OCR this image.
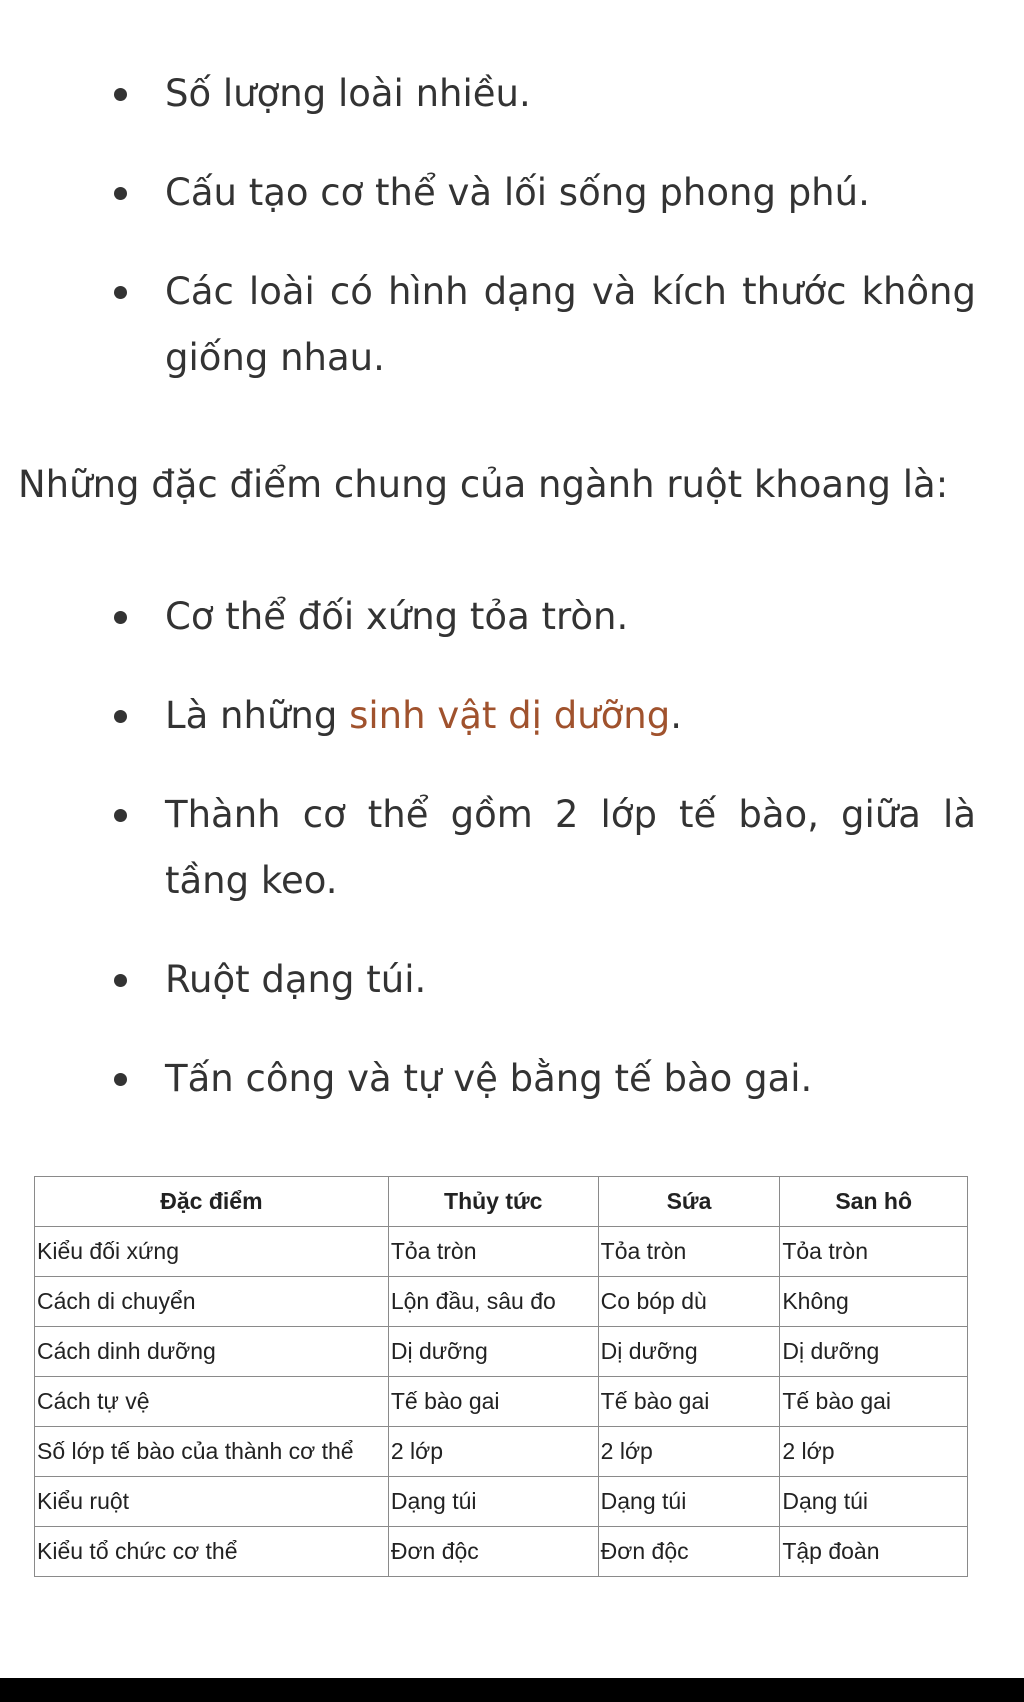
Số lượng loài nhiều.
Cấu tạo cơ thể và lối sống phong phú.
Các loài có hình dạng và kích thước không giống nhau.
Những đặc điểm chung của ngành ruột khoang là:
Cơ thể đối xứng tỏa tròn.
Là những sinh vật dị dưỡng.
Thành cơ thể gồm 2 lớp tế bào, giữa là tầng keo.
Ruột dạng túi.
Tấn công và tự vệ bằng tế bào gai.
Đặc điểm	Thủy tức	Sứa	San hô
Kiểu đối xứng	Tỏa tròn	Tỏa tròn	Tỏa tròn
Cách di chuyển	Lộn đầu, sâu đo	Co bóp dù	Không
Cách dinh dưỡng	Dị dưỡng	Dị dưỡng	Dị dưỡng
Cách tự vệ	Tế bào gai	Tế bào gai	Tế bào gai
Số lớp tế bào của thành cơ thể	2 lớp	2 lớp	2 lớp
Kiểu ruột	Dạng túi	Dạng túi	Dạng túi
Kiểu tổ chức cơ thể	Đơn độc	Đơn độc	Tập đoàn
